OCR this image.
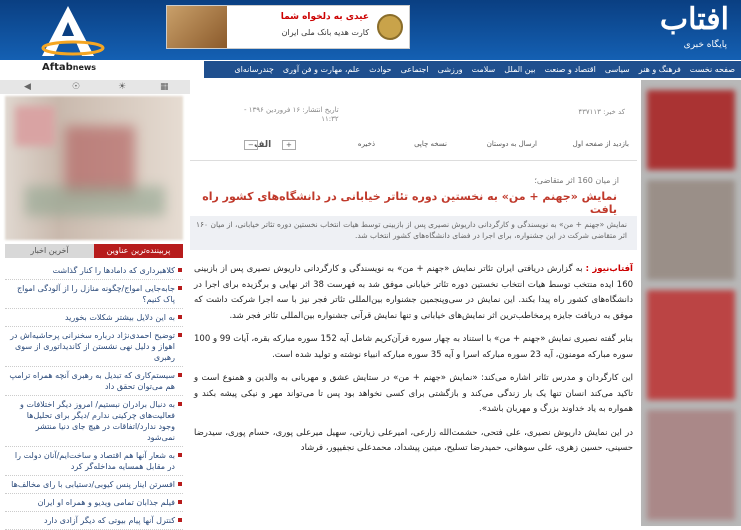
عیدی به دلخواه شما
کارت هدیه بانک ملی ایران	افتاب
پایگاه خبری
Aftabnews	صفحه نخست
فرهنگ و هنر
سیاسی
اقتصاد و صنعت
بین الملل
سلامت
ورزشی
اجتماعی
حوادث
علم، مهارت و فن آوری
چندرسانه‌ای
◀	☉	☀	▦
پربیننده‌ترین عناوین
آخرین اخبار
کلاهبرداری که دامادها را کنار گذاشت
جابه‌جایی امواج/چگونه منازل را از آلودگی امواج پاک کنیم؟
به این دلایل بیشتر شکلات بخورید
توضیح احمدی‌نژاد درباره سخنرانی پرحاشیه‌اش در اهواز و دلیل نهی نشستن از کاندیداتوری از سوی رهبری
سیستم‌کاری که تبدیل به رهبری آنچه همراه ترامپ هم می‌توان تحقق داد
به دنبال برادران نبستیم/ امروز دیگر اختلافات و فعالیت‌های چرکینی ندارم /دیگر برای تحلیل‌ها وجود ندارد/اتفاقات در هیچ جای دنیا منتشر نمی‌شود
به شعار آنها هم اقتصاد و ساخت‌ایم/آنان دولت را در مقابل همسایه مداخله‌گر کرد
افسرتن اینار پنس کیوبی/دستیابی با رای مخالف‌ها
فیلم جذابان تمامی ویدیو و همراه او ایران
کنترل آنها پیام بیوتی که دیگر آزادی دارد
کد خبر: ۴۳۷۱۱۳
تاریخ انتشار: ۱۶ فروردین ۱۳۹۶ -
۱۱:۳۲
بازدید از صفحه اول
ارسال به دوستان
نسخه چاپی
ذخیره
الف	+
−
از میان 160 اثر متقاضی؛
نمایش «جهنم + من» به نخستین دوره تئاتر خیابانی در دانشگاه‌های کشور راه یافت
نمایش «جهنم + من» به نویسندگی و کارگردانی داریوش نصیری پس از بازبینی توسط هیات انتخاب نخستین دوره تئاتر خیابانی، از میان ۱۶۰ اثر متقاضی شرکت در این جشنواره، برای اجرا در فضای دانشگاه‌های کشور انتخاب شد.

آفتاب‌نیوز : به گزارش دریافتی ایران تئاتر نمایش «جهنم + من» به نویسندگی و کارگردانی داریوش نصیری پس از بازبینی 160 ایده منتخب توسط هیات انتخاب نخستین دوره تئاتر خیابانی موفق شد به فهرست 38 اثر نهایی و برگزیده برای اجرا در دانشگاه‌های کشور راه پیدا بکند. این نمایش در سی‌وپنجمین جشنواره بین‌المللی تئاتر فجر نیز با سه اجرا شرکت داشت که موفق به دریافت جایزه پرمخاطب‌ترین اثر نمایش‌های خیابانی و تنها نمایش قرآنی جشنواره بین‌المللی تئاتر فجر شد.

بنابر گفته نصیری نمایش «جهنم + من» با استناد به چهار سوره قرآن‌کریم شامل آیه 152 سوره مبارکه بقره، آیات 99 و 100 سوره مبارکه مومنون، آیه 23 سوره مبارکه اسرا و آیه 35 سوره مبارکه انبیاء نوشته و تولید شده است.

این کارگردان و مدرس تئاتر اشاره می‌کند: «نمایش «جهنم + من» در ستایش عشق و مهربانی به والدین و همنوع است و تاکید می‌کند انسان تنها یک بار زندگی می‌کند و بازگشتی برای کسی نخواهد بود پس تا می‌تواند مهر و نیکی پیشه بکند و همواره به یاد خداوند بزرگ و مهربان باشد».

در این نمایش داریوش نصیری، علی فتحی، حشمت‌الله زارعی، امیرعلی زیارتی، سهیل میرعلی پوری، حسام پوری، سیدرضا حسینی، حسین زهری، علی سوهانی، حمیدرضا تسلیح، میتین پیشداد، محمدعلی نجفیپور، فرشاد
